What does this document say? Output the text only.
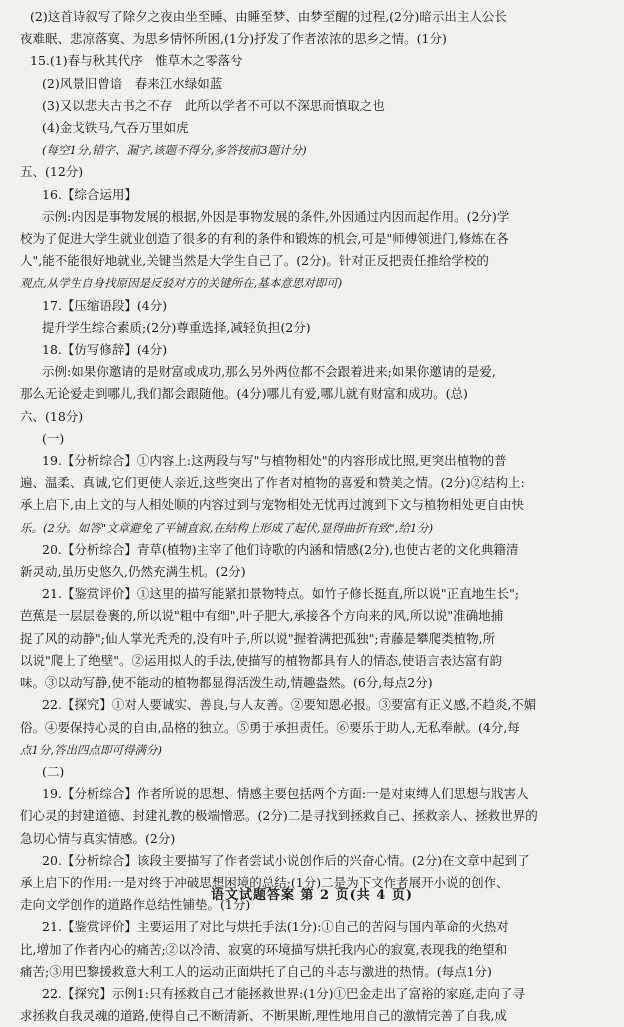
(2)这首诗叙写了除夕之夜由坐至睡、由睡至梦、由梦至醒的过程,(2分)暗示出主人公长
夜难眠、悲凉落寞、为思乡情怀所困,(1分)抒发了作者浓浓的思乡之情。(1分)
15.(1)春与秋其代序　惟草木之零落兮
(2)风景旧曾谙　春来江水绿如蓝
(3)又以悲夫古书之不存　此所以学者不可以不深思而慎取之也
(4)金戈铁马,气吞万里如虎
(每空1分,错字、漏字,该题不得分,多答按前3题计分)
五、(12分)
16.【综合运用】
示例:内因是事物发展的根据,外因是事物发展的条件,外因通过内因而起作用。(2分)学
校为了促进大学生就业创造了很多的有利的条件和锻炼的机会,可是"师傅领进门,修炼在各
人",能不能很好地就业,关键当然是大学生自己了。(2分)。针对正反把责任推给学校的
观点,从学生自身找原因是反驳对方的关键所在,基本意思对即可)
17.【压缩语段】(4分)
提升学生综合素质;(2分)尊重选择,减轻负担(2分)
18.【仿写修辞】(4分)
示例:如果你邀请的是财富或成功,那么另外两位都不会跟着进来;如果你邀请的是爱,
那么无论爱走到哪儿,我们都会跟随他。(4分)哪儿有爱,哪儿就有财富和成功。(总)
六、(18分)
(一)
19.【分析综合】①内容上:这两段与写"与植物相处"的内容形成比照,更突出植物的普
遍、温柔、真诚,它们更使人亲近,这些突出了作者对植物的喜爱和赞美之情。(2分)②结构上:
承上启下,由上文的与人相处顺的内容过到与宠物相处无忧再过渡到下文与植物相处更自由快
乐。(2分。如答"文章避免了平铺直叙,在结构上形成了起伏,显得曲折有致",给1分)
20.【分析综合】青草(植物)主宰了他们诗歌的内涵和情感(2分),也使古老的文化典籍清
新灵动,虽历史悠久,仍然充满生机。(2分)
21.【鉴赏评价】①这里的描写能紧扣景物特点。如竹子修长挺直,所以说"正直地生长";
芭蕉是一层层卷裹的,所以说"粗中有细",叶子肥大,承接各个方向来的风,所以说"准确地捕
捉了风的动静";仙人掌光秃秃的,没有叶子,所以说"握着满把孤独";青藤是攀爬类植物,所
以说"爬上了绝壁"。②运用拟人的手法,使描写的植物都具有人的情态,使语言表达富有韵
味。③以动写静,使不能动的植物都显得活泼生动,情趣盎然。(6分,每点2分)
22.【探究】①对人要诚实、善良,与人友善。②要知恩必报。③要富有正义感,不趋炎,不媚
俗。④要保持心灵的自由,品格的独立。⑤勇于承担责任。⑥要乐于助人,无私奉献。(4分,每
点1分,答出四点即可得满分)
(二)
19.【分析综合】作者所说的思想、情感主要包括两个方面:一是对束缚人们思想与戕害人
们心灵的封建道德、封建礼教的极端憎恶。(2分)二是寻找到拯救自己、拯救亲人、拯救世界的
急切心情与真实情感。(2分)
20.【分析综合】该段主要描写了作者尝试小说创作后的兴奋心情。(2分)在文章中起到了
承上启下的作用:一是对终于冲破思想困境的总结;(1分)二是为下文作者展开小说的创作、
走向文学创作的道路作总结性铺垫。(1分)
21.【鉴赏评价】主要运用了对比与烘托手法(1分):①自己的苦闷与国内革命的火热对
比,增加了作者内心的痛苦;②以冷清、寂寞的环境描写烘托我内心的寂寞,表现我的绝望和
痛苦;③用巴黎援救意大利工人的运动正面烘托了自己的斗志与激进的热情。(每点1分)
22.【探究】示例1:只有拯救自己才能拯救世界:(1分)①巴金走出了富裕的家庭,走向了寻
求拯救自我灵魂的道路,使得自己不断清新、不断果断,理性地用自己的激情完善了自我,成
语文试题答案 第 2 页(共 4 页)
